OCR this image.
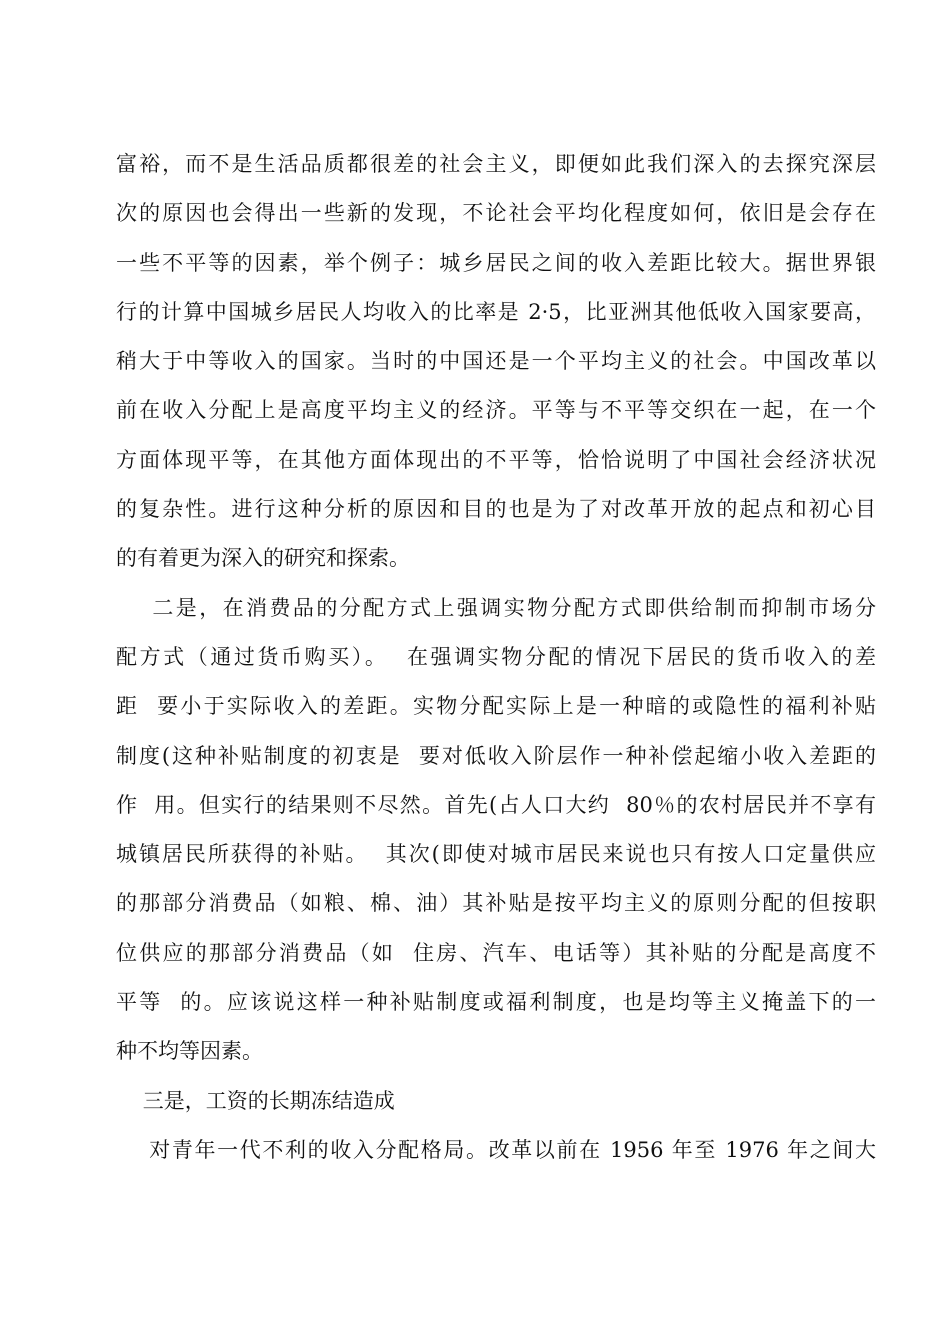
富裕，而不是生活品质都很差的社会主义，即便如此我们深入的去探究深层
次的原因也会得出一些新的发现，不论社会平均化程度如何，依旧是会存在
一些不平等的因素，举个例子：城乡居民之间的收入差距比较大。据世界银
行的计算中国城乡居民人均收入的比率是 2·5，比亚洲其他低收入国家要高，
稍大于中等收入的国家。当时的中国还是一个平均主义的社会。中国改革以
前在收入分配上是高度平均主义的经济。平等与不平等交织在一起，在一个
方面体现平等，在其他方面体现出的不平等，恰恰说明了中国社会经济状况
的复杂性。进行这种分析的原因和目的也是为了对改革开放的起点和初心目
的有着更为深入的研究和探索。
二是，在消费品的分配方式上强调实物分配方式即供给制而抑制市场分
配方式（通过货币购买）。  在强调实物分配的情况下居民的货币收入的差
距  要小于实际收入的差距。实物分配实际上是一种暗的或隐性的福利补贴
制度(这种补贴制度的初衷是  要对低收入阶层作一种补偿起缩小收入差距的
作  用。但实行的结果则不尽然。首先(占人口大约  80％的农村居民并不享有
城镇居民所获得的补贴。  其次(即使对城市居民来说也只有按人口定量供应
的那部分消费品（如粮、棉、油）其补贴是按平均主义的原则分配的但按职
位供应的那部分消费品（如  住房、汽车、电话等）其补贴的分配是高度不
平等  的。应该说这样一种补贴制度或福利制度，也是均等主义掩盖下的一
种不均等因素。
三是，工资的长期冻结造成
对青年一代不利的收入分配格局。改革以前在 1956 年至 1976 年之间大
